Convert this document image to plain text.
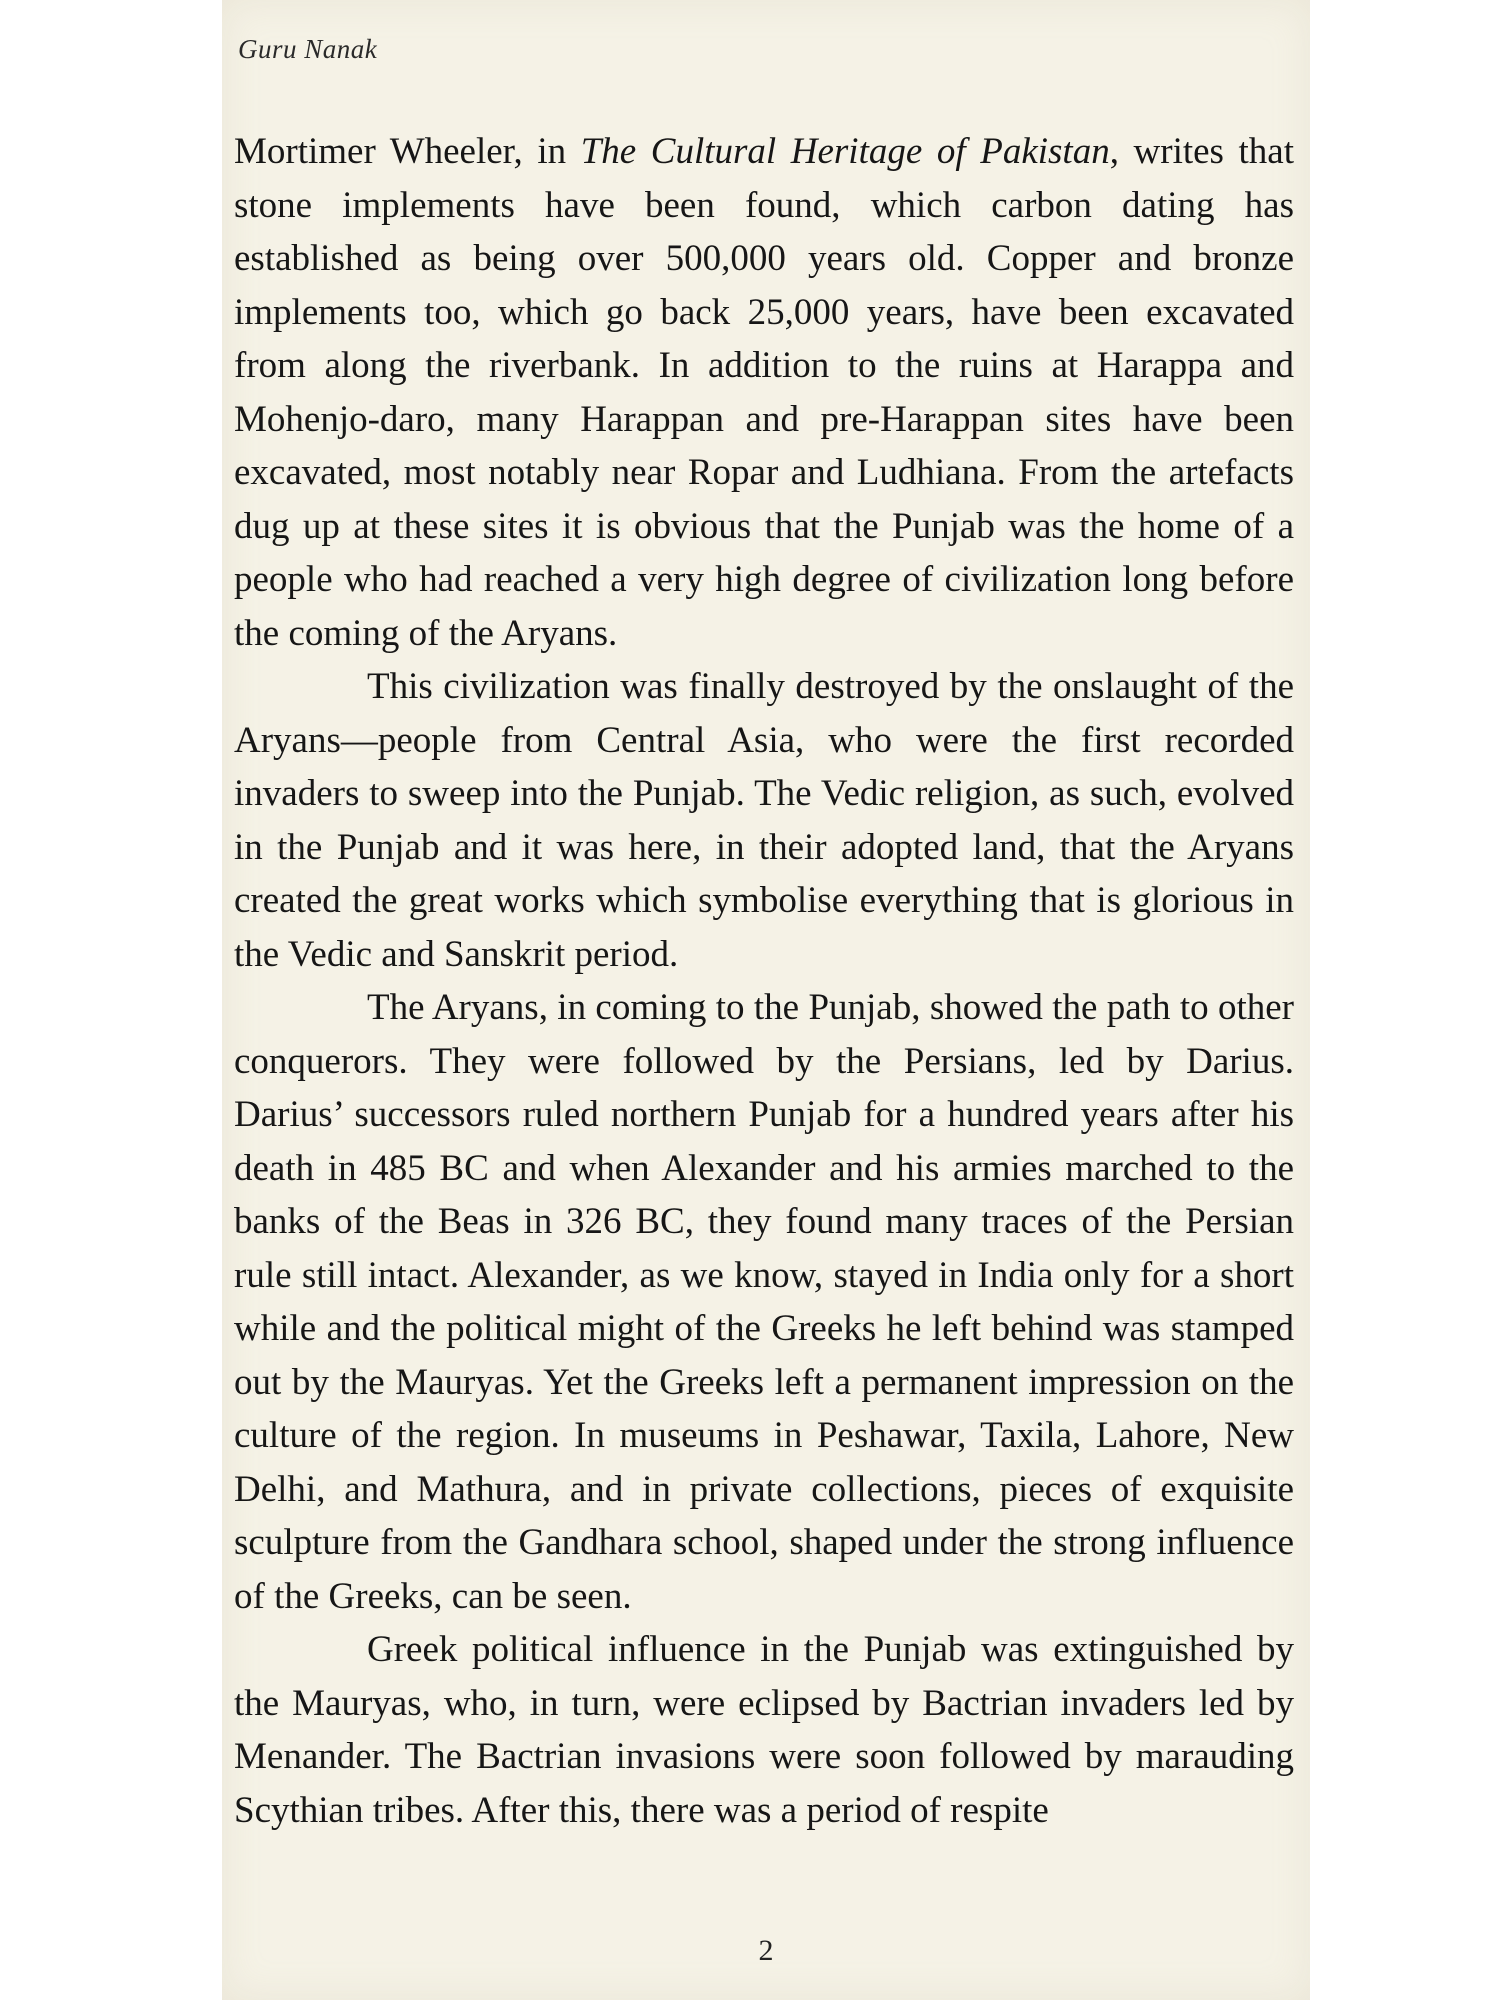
Guru Nanak

Mortimer Wheeler, in The Cultural Heritage of Pakistan, writes that stone implements have been found, which carbon dating has established as being over 500,000 years old. Copper and bronze implements too, which go back 25,000 years, have been excavated from along the riverbank. In addition to the ruins at Harappa and Mohenjo-daro, many Harappan and pre-Harappan sites have been excavated, most notably near Ropar and Ludhiana. From the artefacts dug up at these sites it is obvious that the Punjab was the home of a people who had reached a very high degree of civilization long before the coming of the Aryans.

This civilization was finally destroyed by the onslaught of the Aryans—people from Central Asia, who were the first recorded invaders to sweep into the Punjab. The Vedic religion, as such, evolved in the Punjab and it was here, in their adopted land, that the Aryans created the great works which symbolise everything that is glorious in the Vedic and Sanskrit period.

The Aryans, in coming to the Punjab, showed the path to other conquerors. They were followed by the Persians, led by Darius. Darius’ successors ruled northern Punjab for a hundred years after his death in 485 BC and when Alexander and his armies marched to the banks of the Beas in 326 BC, they found many traces of the Persian rule still intact. Alexander, as we know, stayed in India only for a short while and the political might of the Greeks he left behind was stamped out by the Mauryas. Yet the Greeks left a permanent impression on the culture of the region. In museums in Peshawar, Taxila, Lahore, New Delhi, and Mathura, and in private collections, pieces of exquisite sculpture from the Gandhara school, shaped under the strong influence of the Greeks, can be seen.

Greek political influence in the Punjab was extinguished by the Mauryas, who, in turn, were eclipsed by Bactrian invaders led by Menander. The Bactrian invasions were soon followed by marauding Scythian tribes. After this, there was a period of respite

2
